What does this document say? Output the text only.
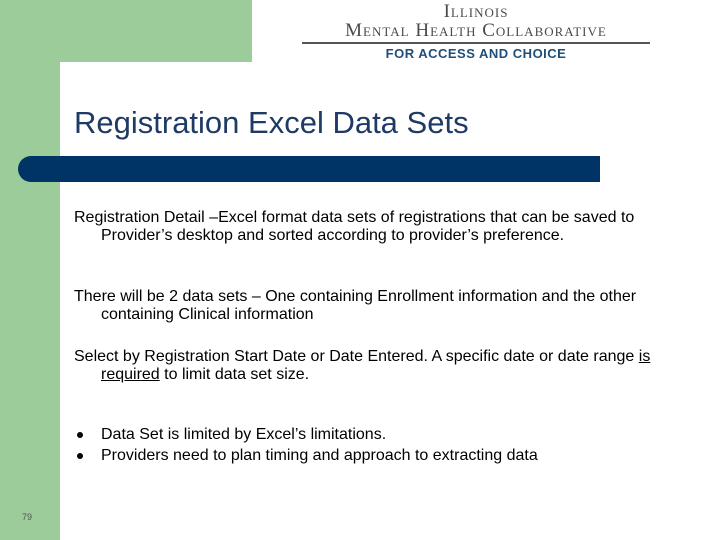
Illinois
Mental Health Collaborative
FOR ACCESS AND CHOICE
Registration Excel Data Sets
Registration Detail –Excel format data sets of registrations that can be saved to Provider’s desktop and sorted according to provider’s preference.
There will be 2 data sets – One containing Enrollment information and the other containing Clinical information
Select by Registration Start Date or Date Entered. A specific date or date range is required to limit data set size.
Data Set is limited by Excel’s limitations.
Providers need to plan timing and approach to extracting data
79
